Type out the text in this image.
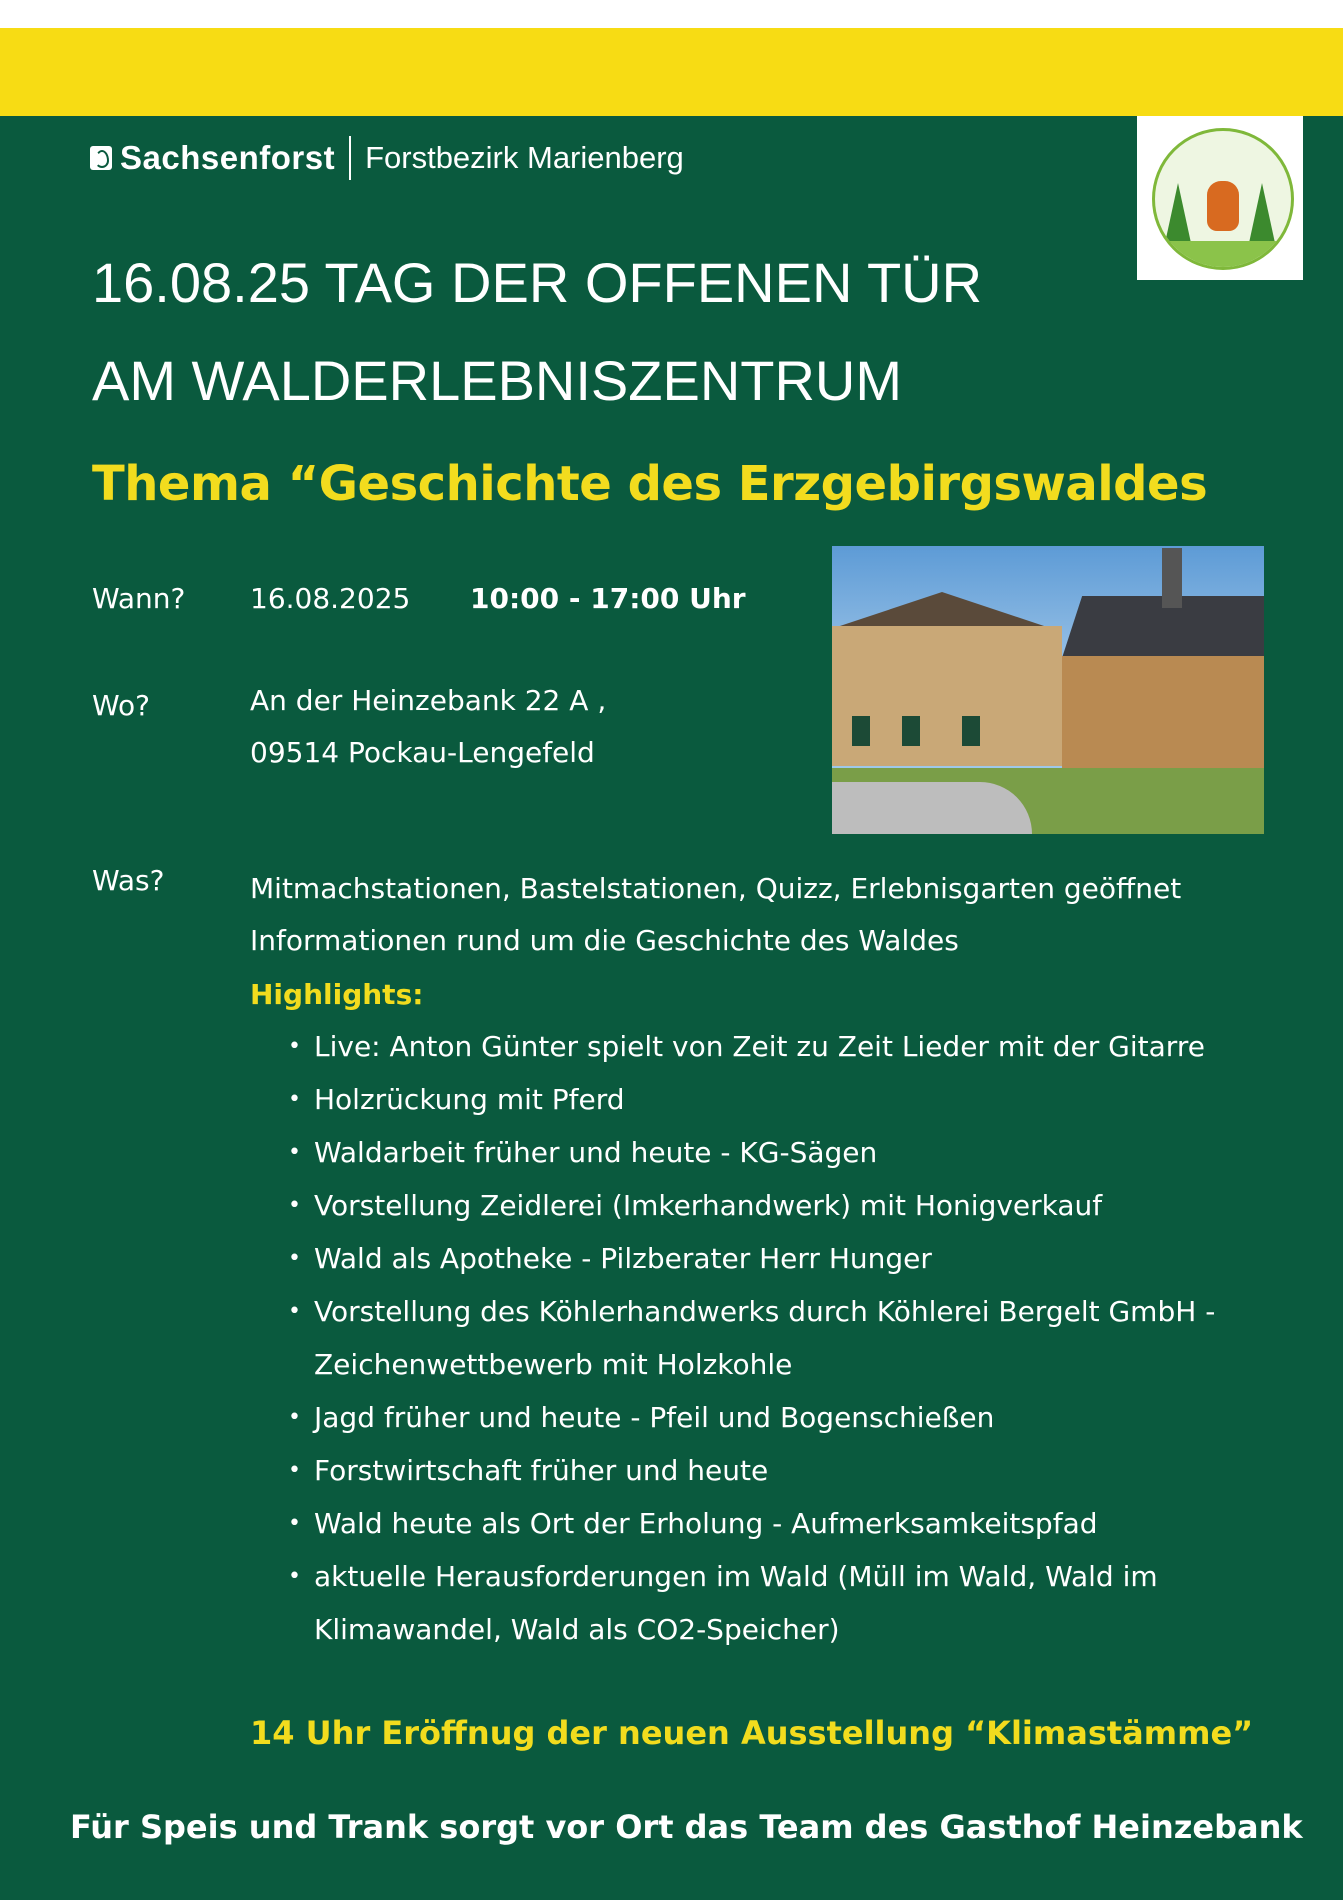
Sachsenforst Forstbezirk Marienberg
16.08.25 TAG DER OFFENEN TÜR
AM WALDERLEBNISZENTRUM
Thema “Geschichte des Erzgebirgswaldes
Wann? 16.08.2025 10:00 - 17:00 Uhr
Wo?	An der Heinzebank 22 A ,
09514 Pockau-Lengefeld
Was?	Mitmachstationen, Bastelstationen, Quizz, Erlebnisgarten geöffnet
Informationen rund um die Geschichte des Waldes
Highlights:
• Live: Anton Günter spielt von Zeit zu Zeit Lieder mit der Gitarre
• Holzrückung mit Pferd
• Waldarbeit früher und heute - KG-Sägen
• Vorstellung Zeidlerei (Imkerhandwerk) mit Honigverkauf
• Wald als Apotheke - Pilzberater Herr Hunger
• Vorstellung des Köhlerhandwerks durch Köhlerei Bergelt GmbH -
Zeichenwettbewerb mit Holzkohle
• Jagd früher und heute - Pfeil und Bogenschießen
• Forstwirtschaft früher und heute
• Wald heute als Ort der Erholung - Aufmerksamkeitspfad
• aktuelle Herausforderungen im Wald (Müll im Wald, Wald im
Klimawandel, Wald als CO2-Speicher)
14 Uhr Eröffnug der neuen Ausstellung “Klimastämme”
Für Speis und Trank sorgt vor Ort das Team des Gasthof Heinzebank
